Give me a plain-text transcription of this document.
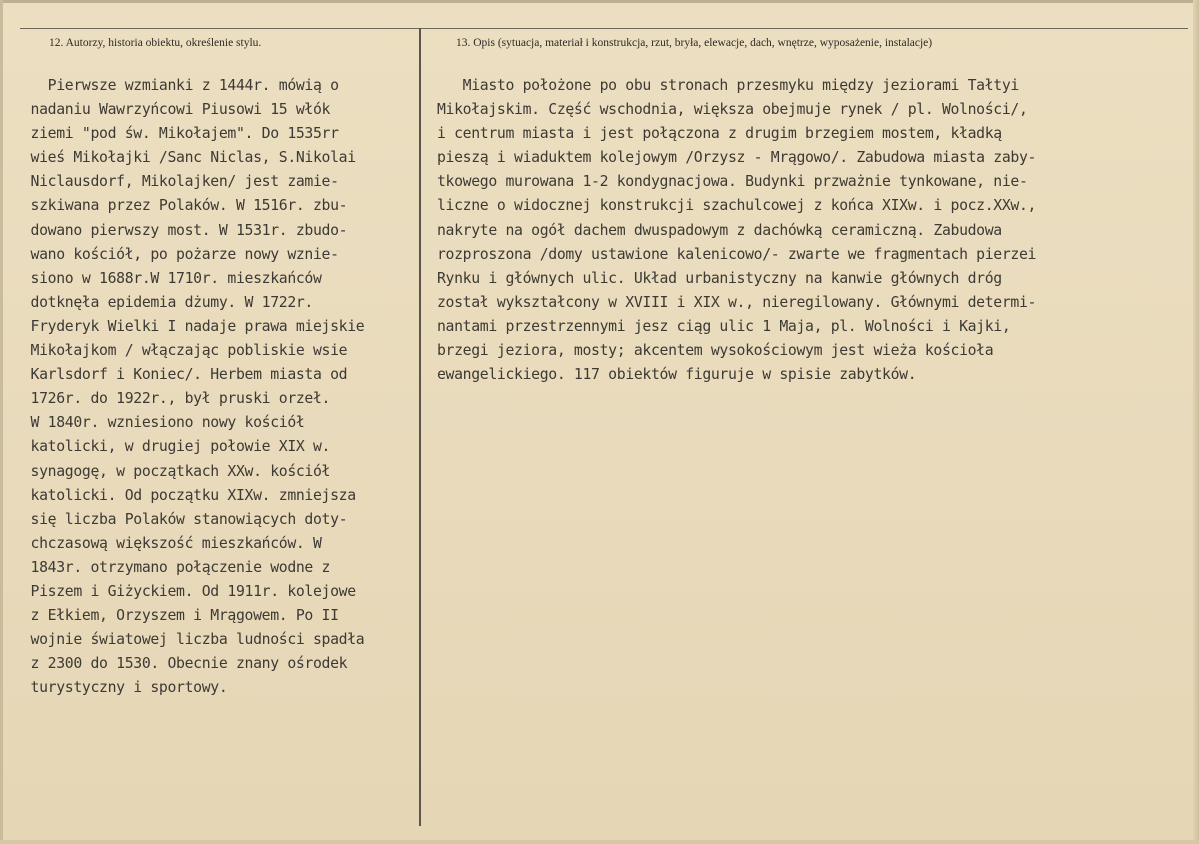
12. Autorzy, historia obiektu, określenie stylu.	13. Opis (sytuacja, materiał i konstrukcja, rzut, bryła, elewacje, dach, wnętrze, wyposażenie, instalacje)
Pierwsze wzmianki z 1444r. mówią o
nadaniu Wawrzyńcowi Piusowi 15 włók
ziemi "pod św. Mikołajem". Do 1535rr
wieś Mikołajki /Sanc Niclas, S.Nikolai
Niclausdorf, Mikolajken/ jest zamie-
szkiwana przez Polaków. W 1516r. zbu-
dowano pierwszy most. W 1531r. zbudo-
wano kościół, po pożarze nowy wznie-
siono w 1688r.W 1710r. mieszkańców
dotknęła epidemia dżumy. W 1722r.
Fryderyk Wielki I nadaje prawa miejskie
Mikołajkom / włączając pobliskie wsie
Karlsdorf i Koniec/. Herbem miasta od
1726r. do 1922r., był pruski orzeł.
W 1840r. wzniesiono nowy kościół
katolicki, w drugiej połowie XIX w.
synagogę, w początkach XXw. kościół
katolicki. Od początku XIXw. zmniejsza
się liczba Polaków stanowiących doty-
chczasową większość mieszkańców. W
1843r. otrzymano połączenie wodne z
Piszem i Giżyckiem. Od 1911r. kolejowe
z Ełkiem, Orzyszem i Mrągowem. Po II
wojnie światowej liczba ludności spadła
z 2300 do 1530. Obecnie znany ośrodek
turystyczny i sportowy.
Miasto położone po obu stronach przesmyku między jeziorami Tałtyi
Mikołajskim. Część wschodnia, większa obejmuje rynek / pl. Wolności/,
i centrum miasta i jest połączona z drugim brzegiem mostem, kładką
pieszą i wiaduktem kolejowym /Orzysz - Mrągowo/. Zabudowa miasta zaby-
tkowego murowana 1-2 kondygnacjowa. Budynki przważnie tynkowane, nie-
liczne o widocznej konstrukcji szachulcowej z końca XIXw. i pocz.XXw.,
nakryte na ogół dachem dwuspadowym z dachówką ceramiczną. Zabudowa
rozproszona /domy ustawione kalenicowo/- zwarte we fragmentach pierzei
Rynku i głównych ulic. Układ urbanistyczny na kanwie głównych dróg
został wykształcony w XVIII i XIX w., nieregilowany. Głównymi determi-
nantami przestrzennymi jesz ciąg ulic 1 Maja, pl. Wolności i Kajki,
brzegi jeziora, mosty; akcentem wysokościowym jest wieża kościoła
ewangelickiego. 117 obiektów figuruje w spisie zabytków.
